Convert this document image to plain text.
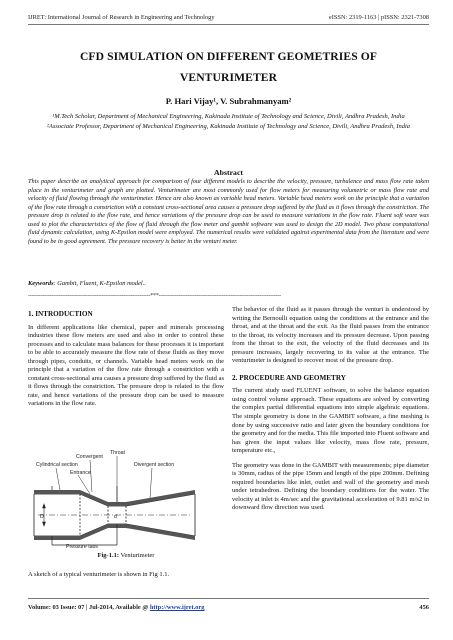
IJRET: International Journal of Research in Engineering and Technology	eISSN: 2319-1163 | pISSN: 2321-7308
CFD SIMULATION ON DIFFERENT GEOMETRIES OF
VENTURIMETER
P. Hari Vijay¹, V. Subrahmanyam²

¹M.Tech Scholar, Department of Mechanical Engineering, Kakinada Institute of Technology and Science, Divili, Andhra Pradesh, India

²Associate Professor, Department of Mechanical Engineering, Kakinada Institute of Technology and Science, Divili, Andhra Pradesh, India

Abstract
This paper describe an analytical approach for comparison of four different models to describe the velocity, pressure, turbulence and mass flow rate taken place in the venturimeter and graph are plotted. Venturimeter are most commonly used for flow meters for measuring volumetric or mass flow rate and velocity of fluid flowing through the venturimeter. Hence are also known as variable head meters. Variable head meters work on the principle that a variation of the flow rate through a constriction with a constant cross-sectional area causes a pressure drop suffered by the fluid as it flows through the constriction. The pressure drop is related to the flow rate, and hence variations of the pressure drop can be used to measure variations in the flow rate. Fluent soft ware was used to plot the characteristics of the flow of fluid through the flow meter and gambit software was used to design the 2D model. Two phase computational fluid dynamic calculation, using K-Epsilon model were employed. The numerical results were validated against experimental data from the literature and were found to be in good agreement. The pressure recovery is better in the venturi meter.
Keywords: Gambit, Fluent, K-Epsilon model..
--------------------------------------------------------------------***--------------------------------------------------------------------
1. INTRODUCTION

In different applications like chemical, paper and minerals processing industries these flow meters are used and also in order to control these processes and to calculate mass balances for these processes it is important to be able to accurately measure the flow rate of these fluids as they move through pipes, conduits, or channels. Variable head meters work on the principle that a variation of the flow rate through a constriction with a constant cross-sectional area causes a pressure drop suffered by the fluid as it flows through the constriction. The pressure drop is related to the flow rate, and hence variations of the pressure drop can be used to measure variations in the flow rate.

Cylindrical section
Convergent
Entrance
Throat
Divergent section
D	d
Pressure taps
Fig-1.1: Venturimeter
A sketch of a typical venturimeter is shown in Fig 1.1.

The behavior of the fluid as it passes through the venturi is understood by writing the Bernoulli equation using the conditions at the entrance and the throat, and at the throat and the exit. As the fluid passes from the entrance to the throat, its velocity increases and its pressure decrease. Upon passing from the throat to the exit, the velocity of the fluid decreases and its pressure increases, largely recovering to its value at the entrance. The venturimeter is designed to recover most of the pressure drop.

2. PROCEDURE AND GEOMETRY

The current study used FLUENT software, to solve the balance equation using control volume approach. These equations are solved by converting the complex partial differential equations into simple algebraic equations. The simple geometry is done in the GAMBIT software, a fine meshing is done by using successive ratio and later given the boundary conditions for the geometry and for the media. This file imported into Fluent software and has given the input values like velocity, mass flow rate, pressure, temperature etc.,

The geometry was done in the GAMBIT with measurements; pipe diameter is 30mm, radius of the pipe 15mm and length of the pipe 200mm. Defining required boundaries like inlet, outlet and wall of the geometry and mesh under tetrahedron. Defining the boundary conditions for the water. The velocity at inlet is 4m/sec and the gravitational acceleration of 9.81 m/s2 in downward flow direction was used.

Volume: 03 Issue: 07 | Jul-2014, Available @ http://www.ijret.org	456
